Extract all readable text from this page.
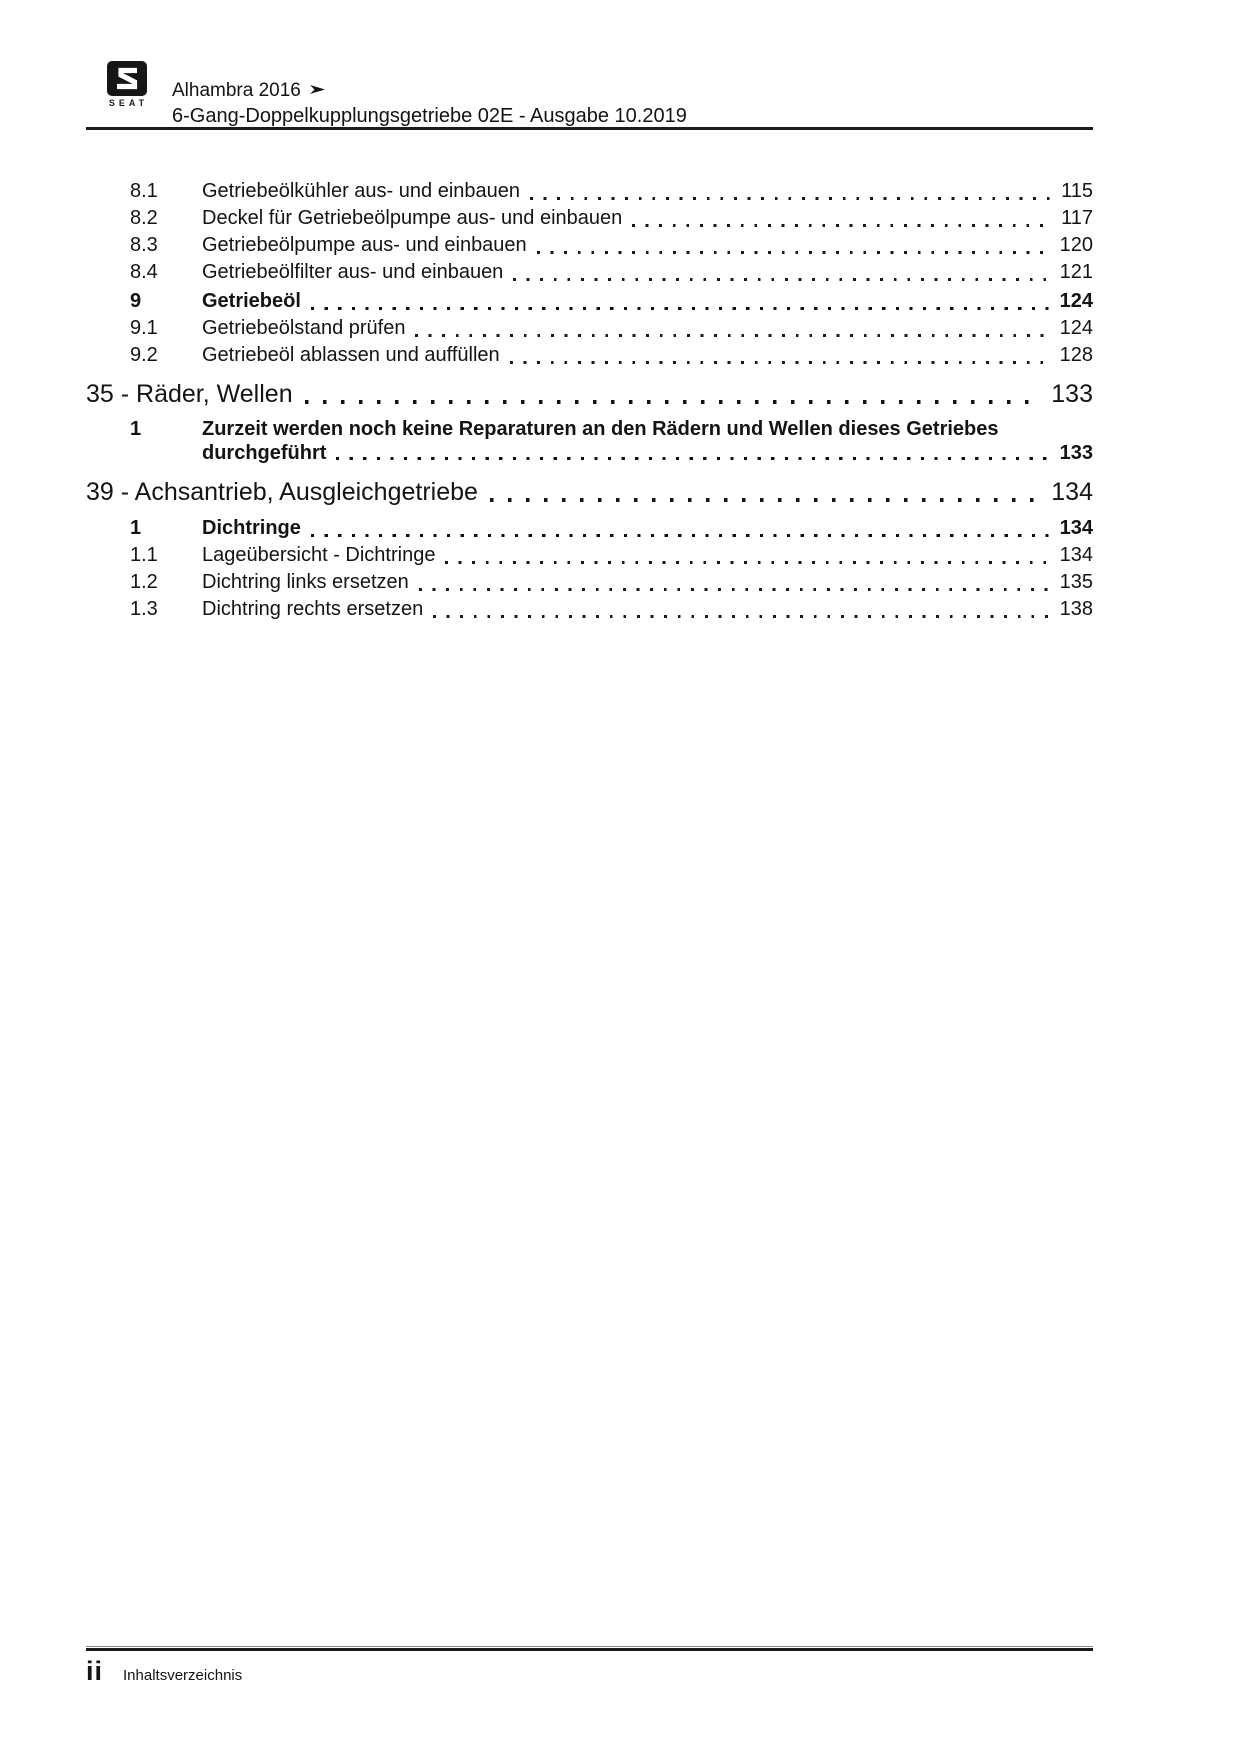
SEAT
Alhambra 2016
6-Gang-Doppelkupplungsgetriebe 02E - Ausgabe 10.2019
8.1	Getriebeölkühler aus- und einbauen	115
8.2	Deckel für Getriebeölpumpe aus- und einbauen	117
8.3	Getriebeölpumpe aus- und einbauen	120
8.4	Getriebeölfilter aus- und einbauen	121
9	Getriebeöl	124
9.1	Getriebeölstand prüfen	124
9.2	Getriebeöl ablassen und auffüllen	128
35 - Räder, Wellen	133
1	Zurzeit werden noch keine Reparaturen an den Rädern und Wellen dieses Getriebes
durchgeführt	133
39 - Achsantrieb, Ausgleichgetriebe	134
1	Dichtringe	134
1.1	Lageübersicht - Dichtringe	134
1.2	Dichtring links ersetzen	135
1.3	Dichtring rechts ersetzen	138
ii Inhaltsverzeichnis
